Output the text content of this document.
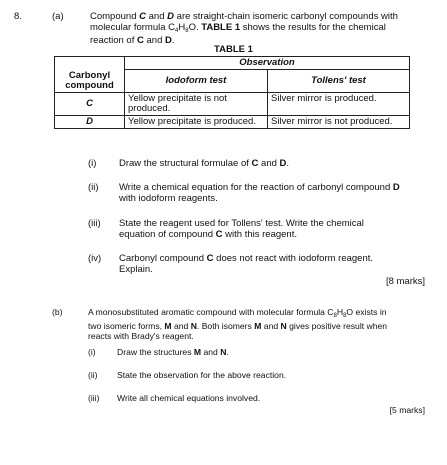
8.	(a)	Compound C and D are straight-chain isomeric carbonyl compounds with
molecular formula $C_4H_8O$. TABLE 1 shows the results for the chemical
reaction of C and D.
TABLE 1
	Observation	
Carbonyl compound	Iodoform test	Tollens' test
C	Yellow precipitate is not produced.	Silver mirror is produced.
D	Yellow precipitate is produced.	Silver mirror is not produced.
(i) Draw the structural formulae of C and D.
(ii) Write a chemical equation for the reaction of carbonyl compound D
with iodoform reagents.
(iii) State the reagent used for Tollens' test. Write the chemical
equation of compound C with this reagent.
(iv) Carbonyl compound C does not react with iodoform reagent.
Explain.
[8 marks]
(b)	A monosubstituted aromatic compound with molecular formula $C_8H_8O$ exists in
two isomeric forms, M and N. Both isomers M and N gives positive result when
reacts with Brady's reagent.
(i) Draw the structures M and N.
(ii) State the observation for the above reaction.
(iii) Write all chemical equations involved.
[5 marks]
